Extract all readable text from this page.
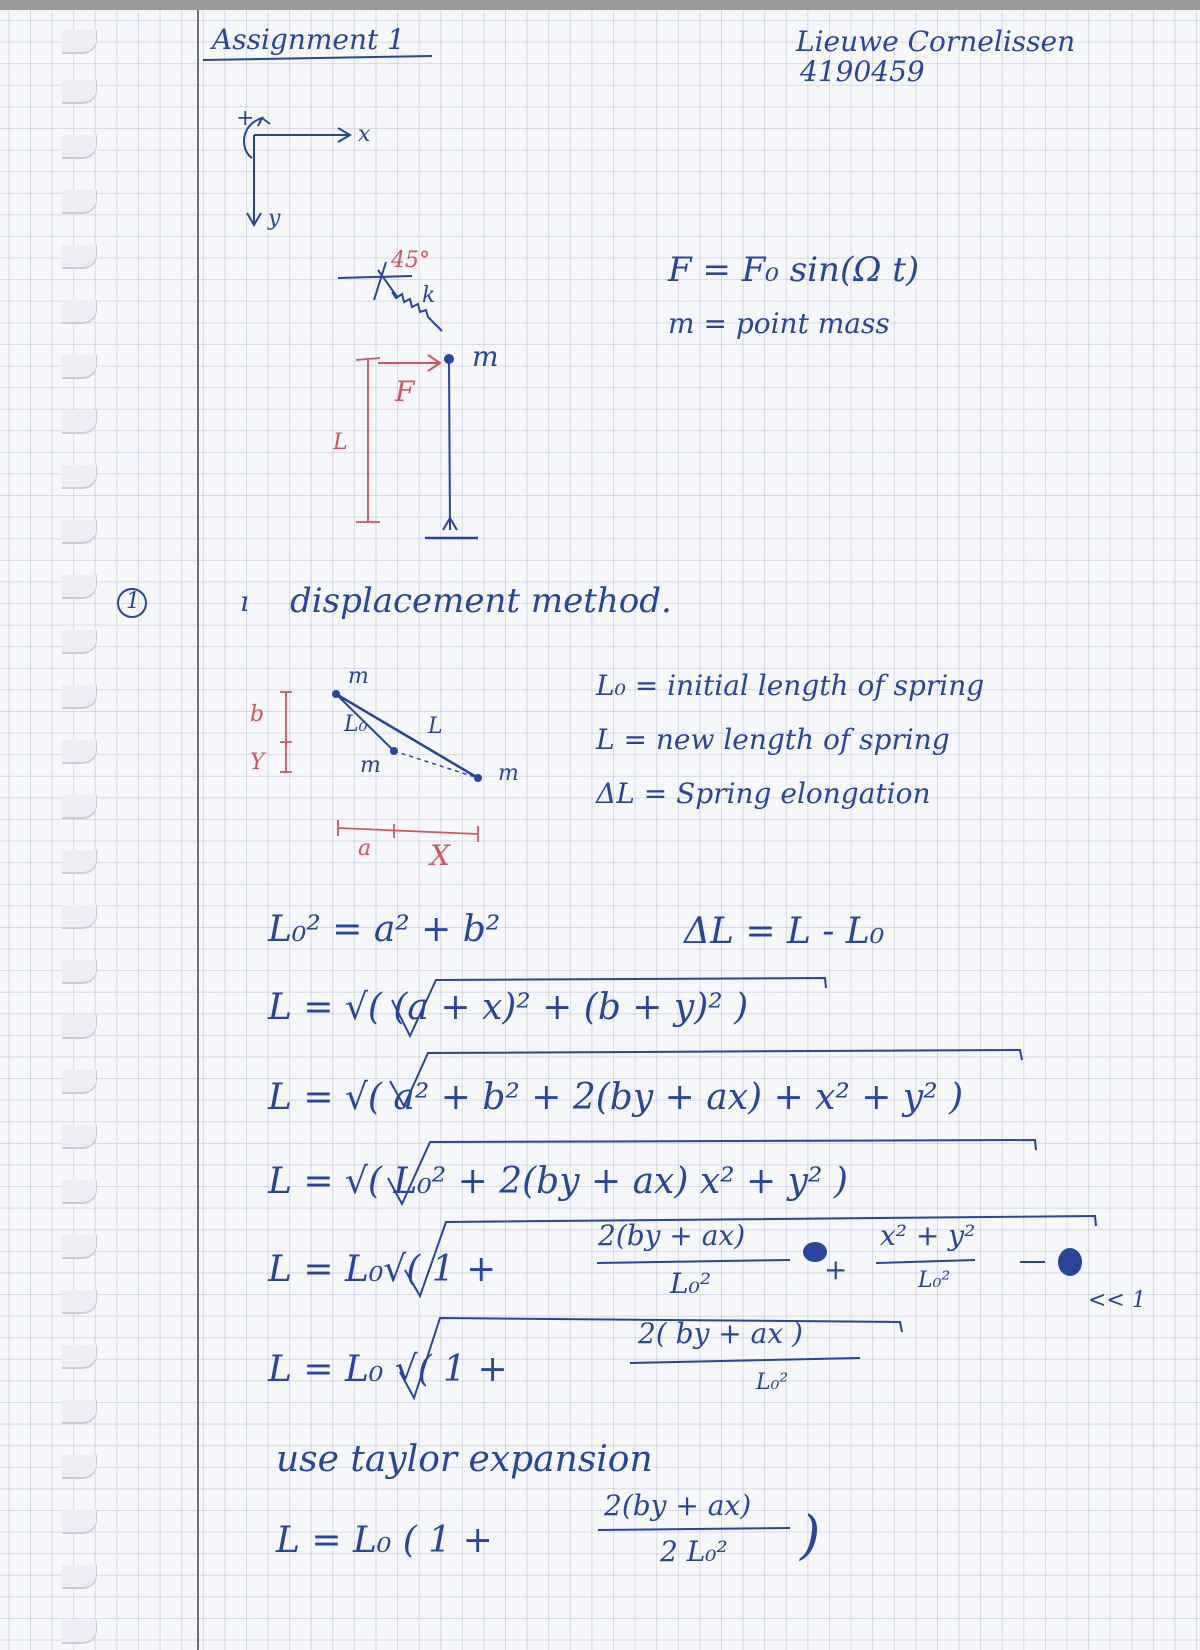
Assignment 1	Lieuwe Cornelissen
4190459
+
x
y
45°
k
m
F
L
F = F₀ sin(Ω t)
m = point mass
1	ı displacement method.
m
m	m
L₀	L
b
Y
a X
L₀ = initial length of spring
L = new length of spring
ΔL = Spring elongation
L₀² = a² + b²	ΔL = L - L₀
L = √( (a + x)² + (b + y)² )
L = √( a² + b² + 2(by + ax) + x² + y² )
L = √( L₀² + 2(by + ax) x² + y² )
L = L₀√( 1 +
2(by + ax)
L₀²	+
x² + y²
L₀²
<< 1
L = L₀ √( 1 +
2( by + ax )
L₀²
use taylor expansion
L = L₀ ( 1 +
2(by + ax)
2 L₀² )
